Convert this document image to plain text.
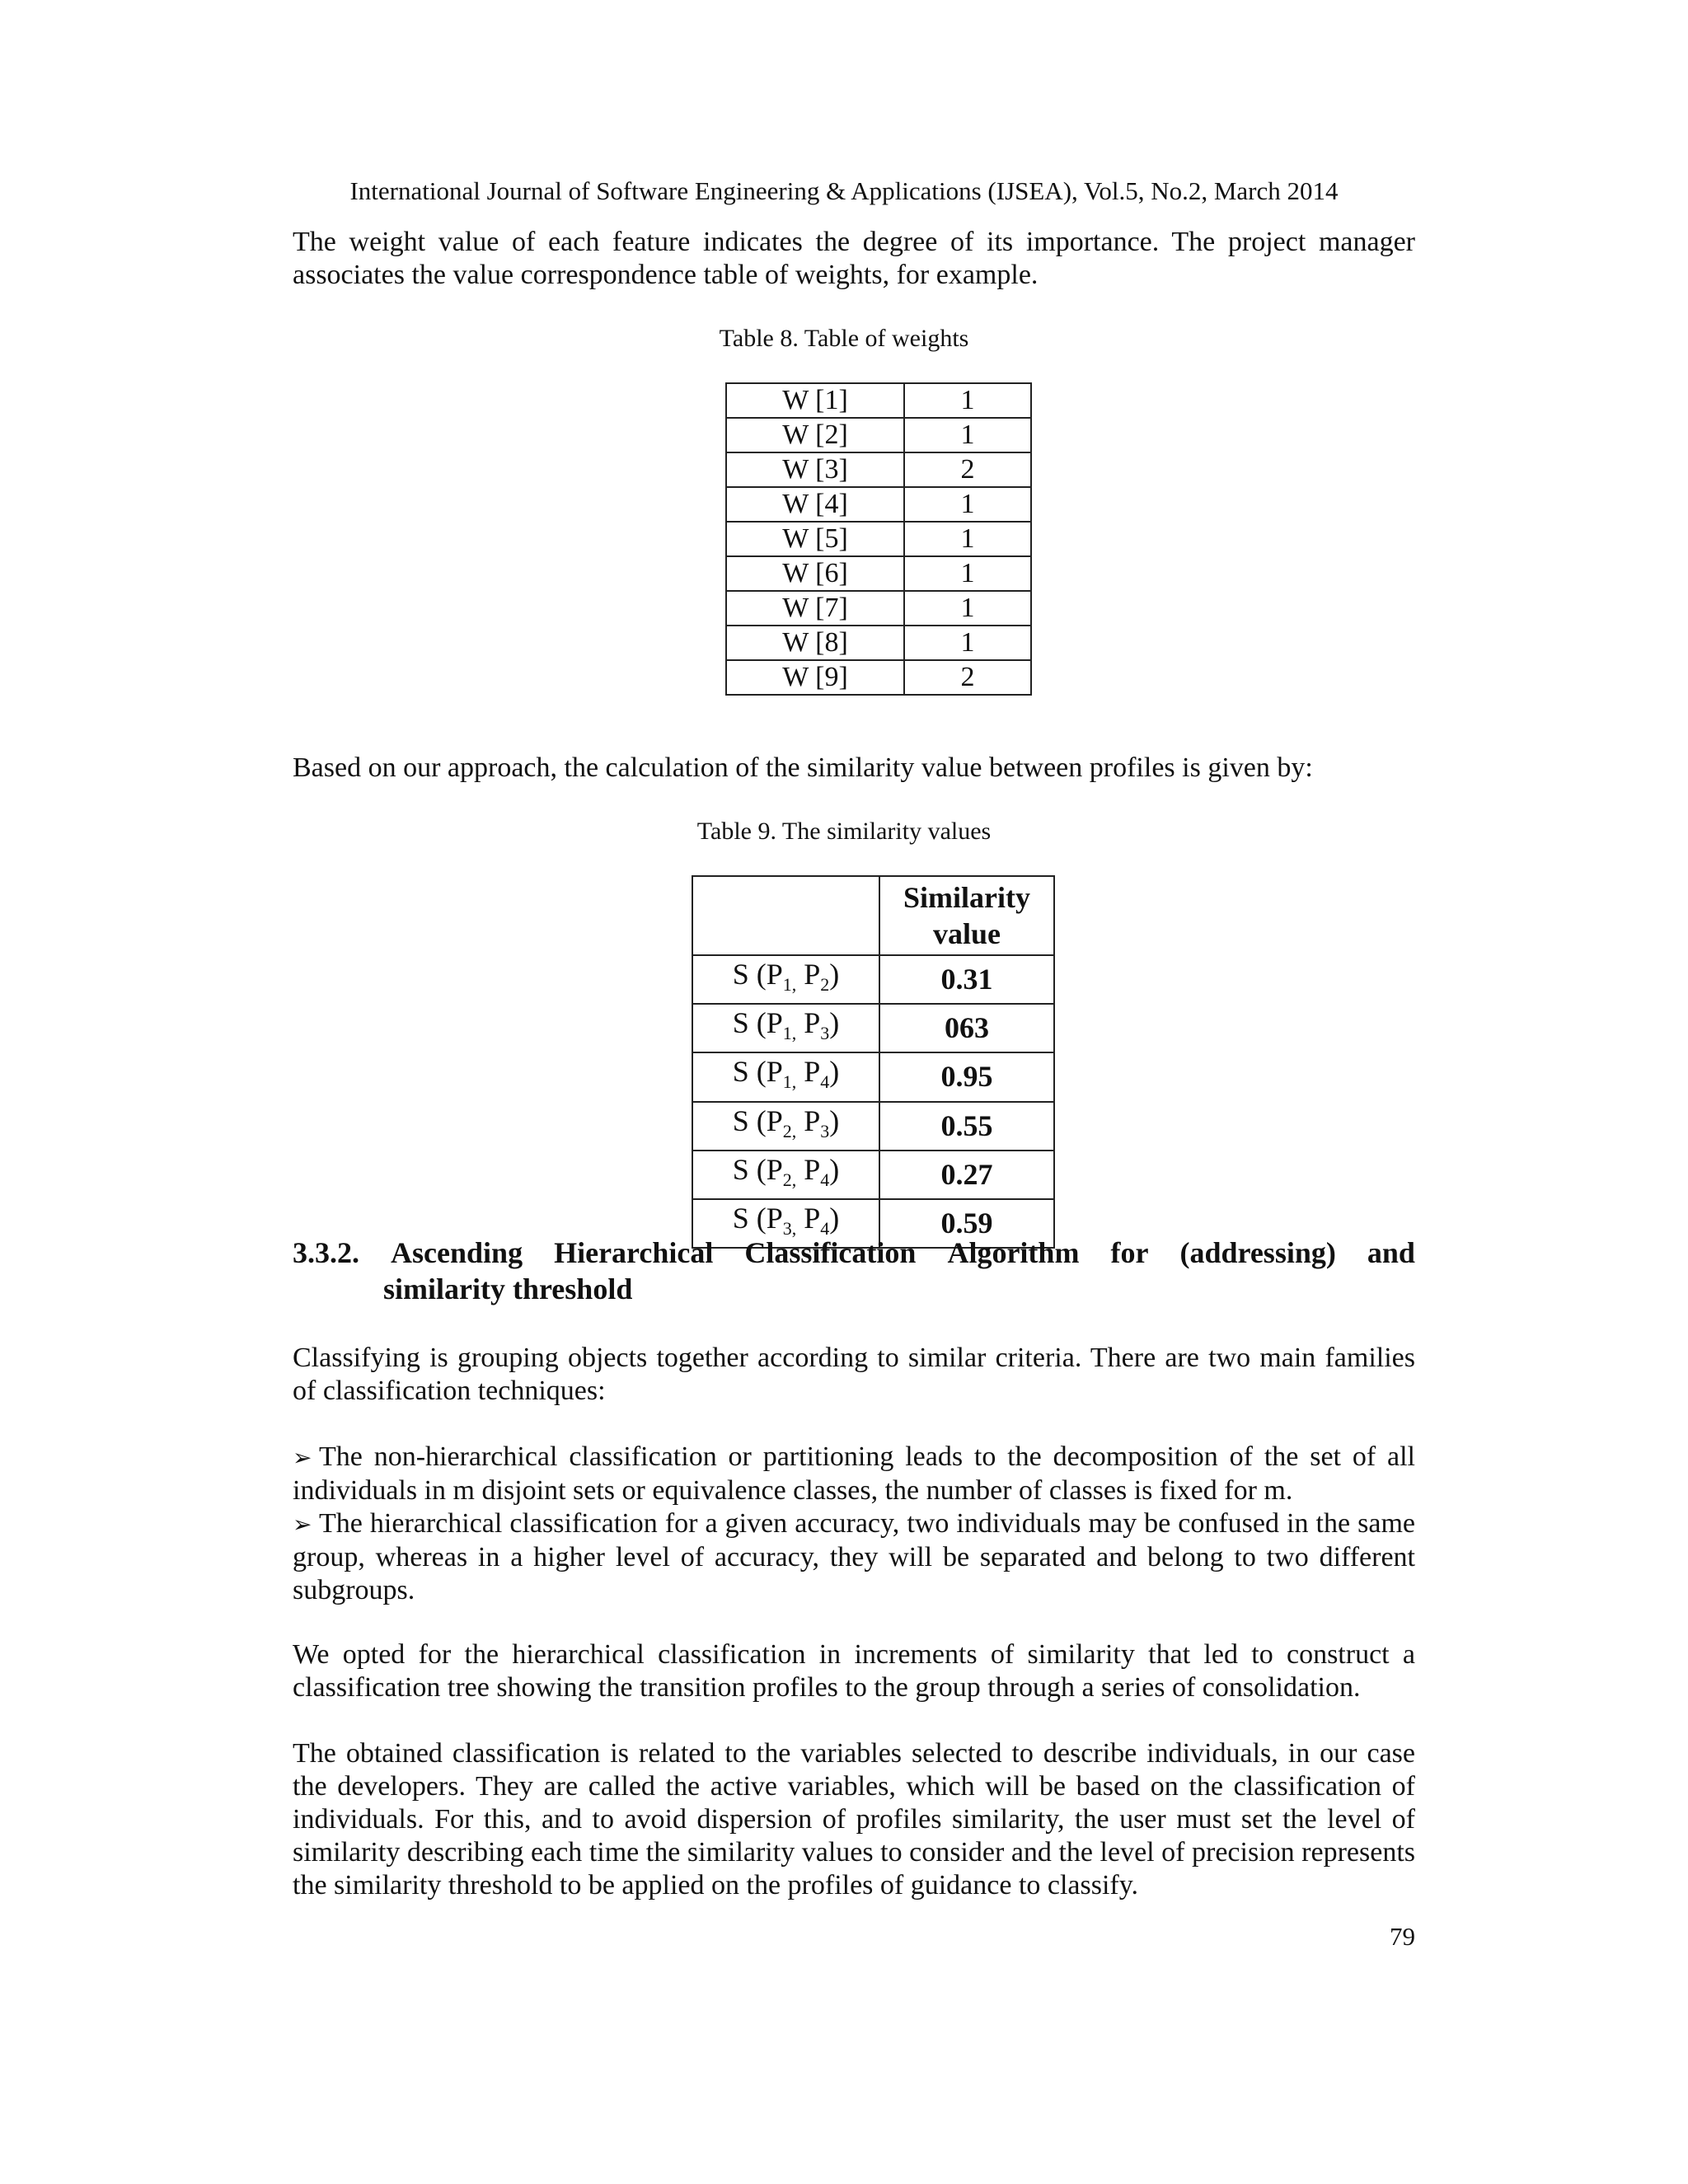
International Journal of Software Engineering & Applications (IJSEA), Vol.5, No.2, March 2014

The weight value of each feature indicates the degree of its importance. The project manager associates the value correspondence table of weights, for example.

Table 8. Table of weights
W [1]	1
W [2]	1
W [3]	2
W [4]	1
W [5]	1
W [6]	1
W [7]	1
W [8]	1
W [9]	2

Based on our approach, the calculation of the similarity value between profiles is given by:

Table 9. The similarity values
	Similarity
value
S ($P_{1,}$ $P_2$)	0.31
S ($P_{1,}$ $P_3$)	063
S ($P_{1,}$ $P_4$)	0.95
S ($P_{2,}$ $P_3$)	0.55
S ($P_{2,}$ $P_4$)	0.27
S ($P_{3,}$ $P_4$)	0.59
3.3.2. Ascending Hierarchical Classification Algorithm for (addressing) and
similarity threshold

Classifying is grouping objects together according to similar criteria. There are two main families of classification techniques:

➢ The non-hierarchical classification or partitioning leads to the decomposition of the set of all individuals in m disjoint sets or equivalence classes, the number of classes is fixed for m.

➢ The hierarchical classification for a given accuracy, two individuals may be confused in the same group, whereas in a higher level of accuracy, they will be separated and belong to two different subgroups.

We opted for the hierarchical classification in increments of similarity that led to construct a classification tree showing the transition profiles to the group through a series of consolidation.

The obtained classification is related to the variables selected to describe individuals, in our case the developers. They are called the active variables, which will be based on the classification of individuals. For this, and to avoid dispersion of profiles similarity, the user must set the level of similarity describing each time the similarity values to consider and the level of precision represents the similarity threshold to be applied on the profiles of guidance to classify.

79
